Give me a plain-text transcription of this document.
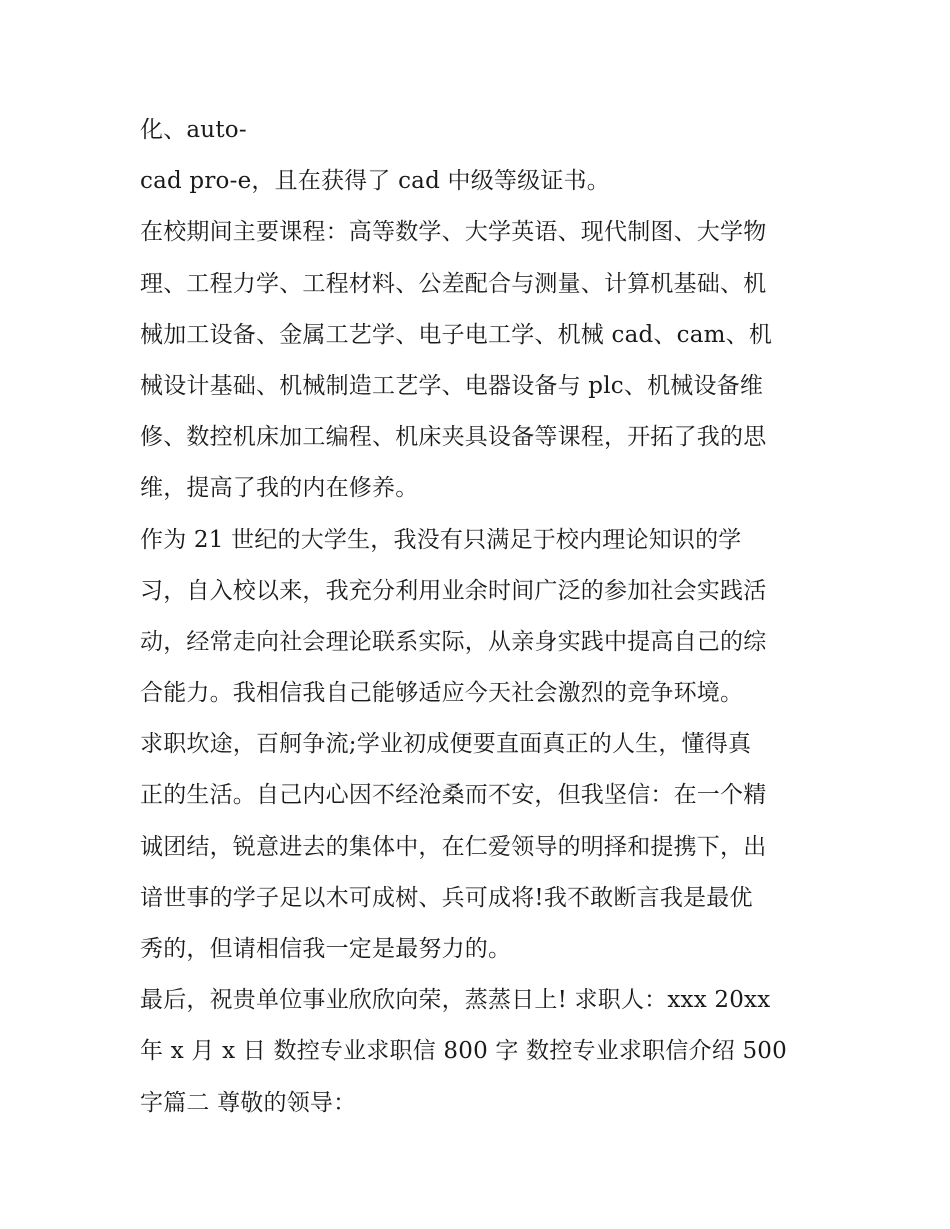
化、auto-
cad pro-e，且在获得了 cad 中级等级证书。
在校期间主要课程：高等数学、大学英语、现代制图、大学物
理、工程力学、工程材料、公差配合与测量、计算机基础、机
械加工设备、金属工艺学、电子电工学、机械 cad、cam、机
械设计基础、机械制造工艺学、电器设备与 plc、机械设备维
修、数控机床加工编程、机床夹具设备等课程，开拓了我的思
维，提高了我的内在修养。
作为 21 世纪的大学生，我没有只满足于校内理论知识的学
习，自入校以来，我充分利用业余时间广泛的参加社会实践活
动，经常走向社会理论联系实际，从亲身实践中提高自己的综
合能力。我相信我自己能够适应今天社会激烈的竞争环境。
求职坎途，百舸争流;学业初成便要直面真正的人生，懂得真
正的生活。自己内心因不经沧桑而不安，但我坚信：在一个精
诚团结，锐意进去的集体中，在仁爱领导的明择和提携下，出
谙世事的学子足以木可成树、兵可成将!我不敢断言我是最优
秀的，但请相信我一定是最努力的。
最后，祝贵单位事业欣欣向荣，蒸蒸日上! 求职人：xxx 20xx
年 x 月 x 日 数控专业求职信 800 字 数控专业求职信介绍 500
字篇二 尊敬的领导：
